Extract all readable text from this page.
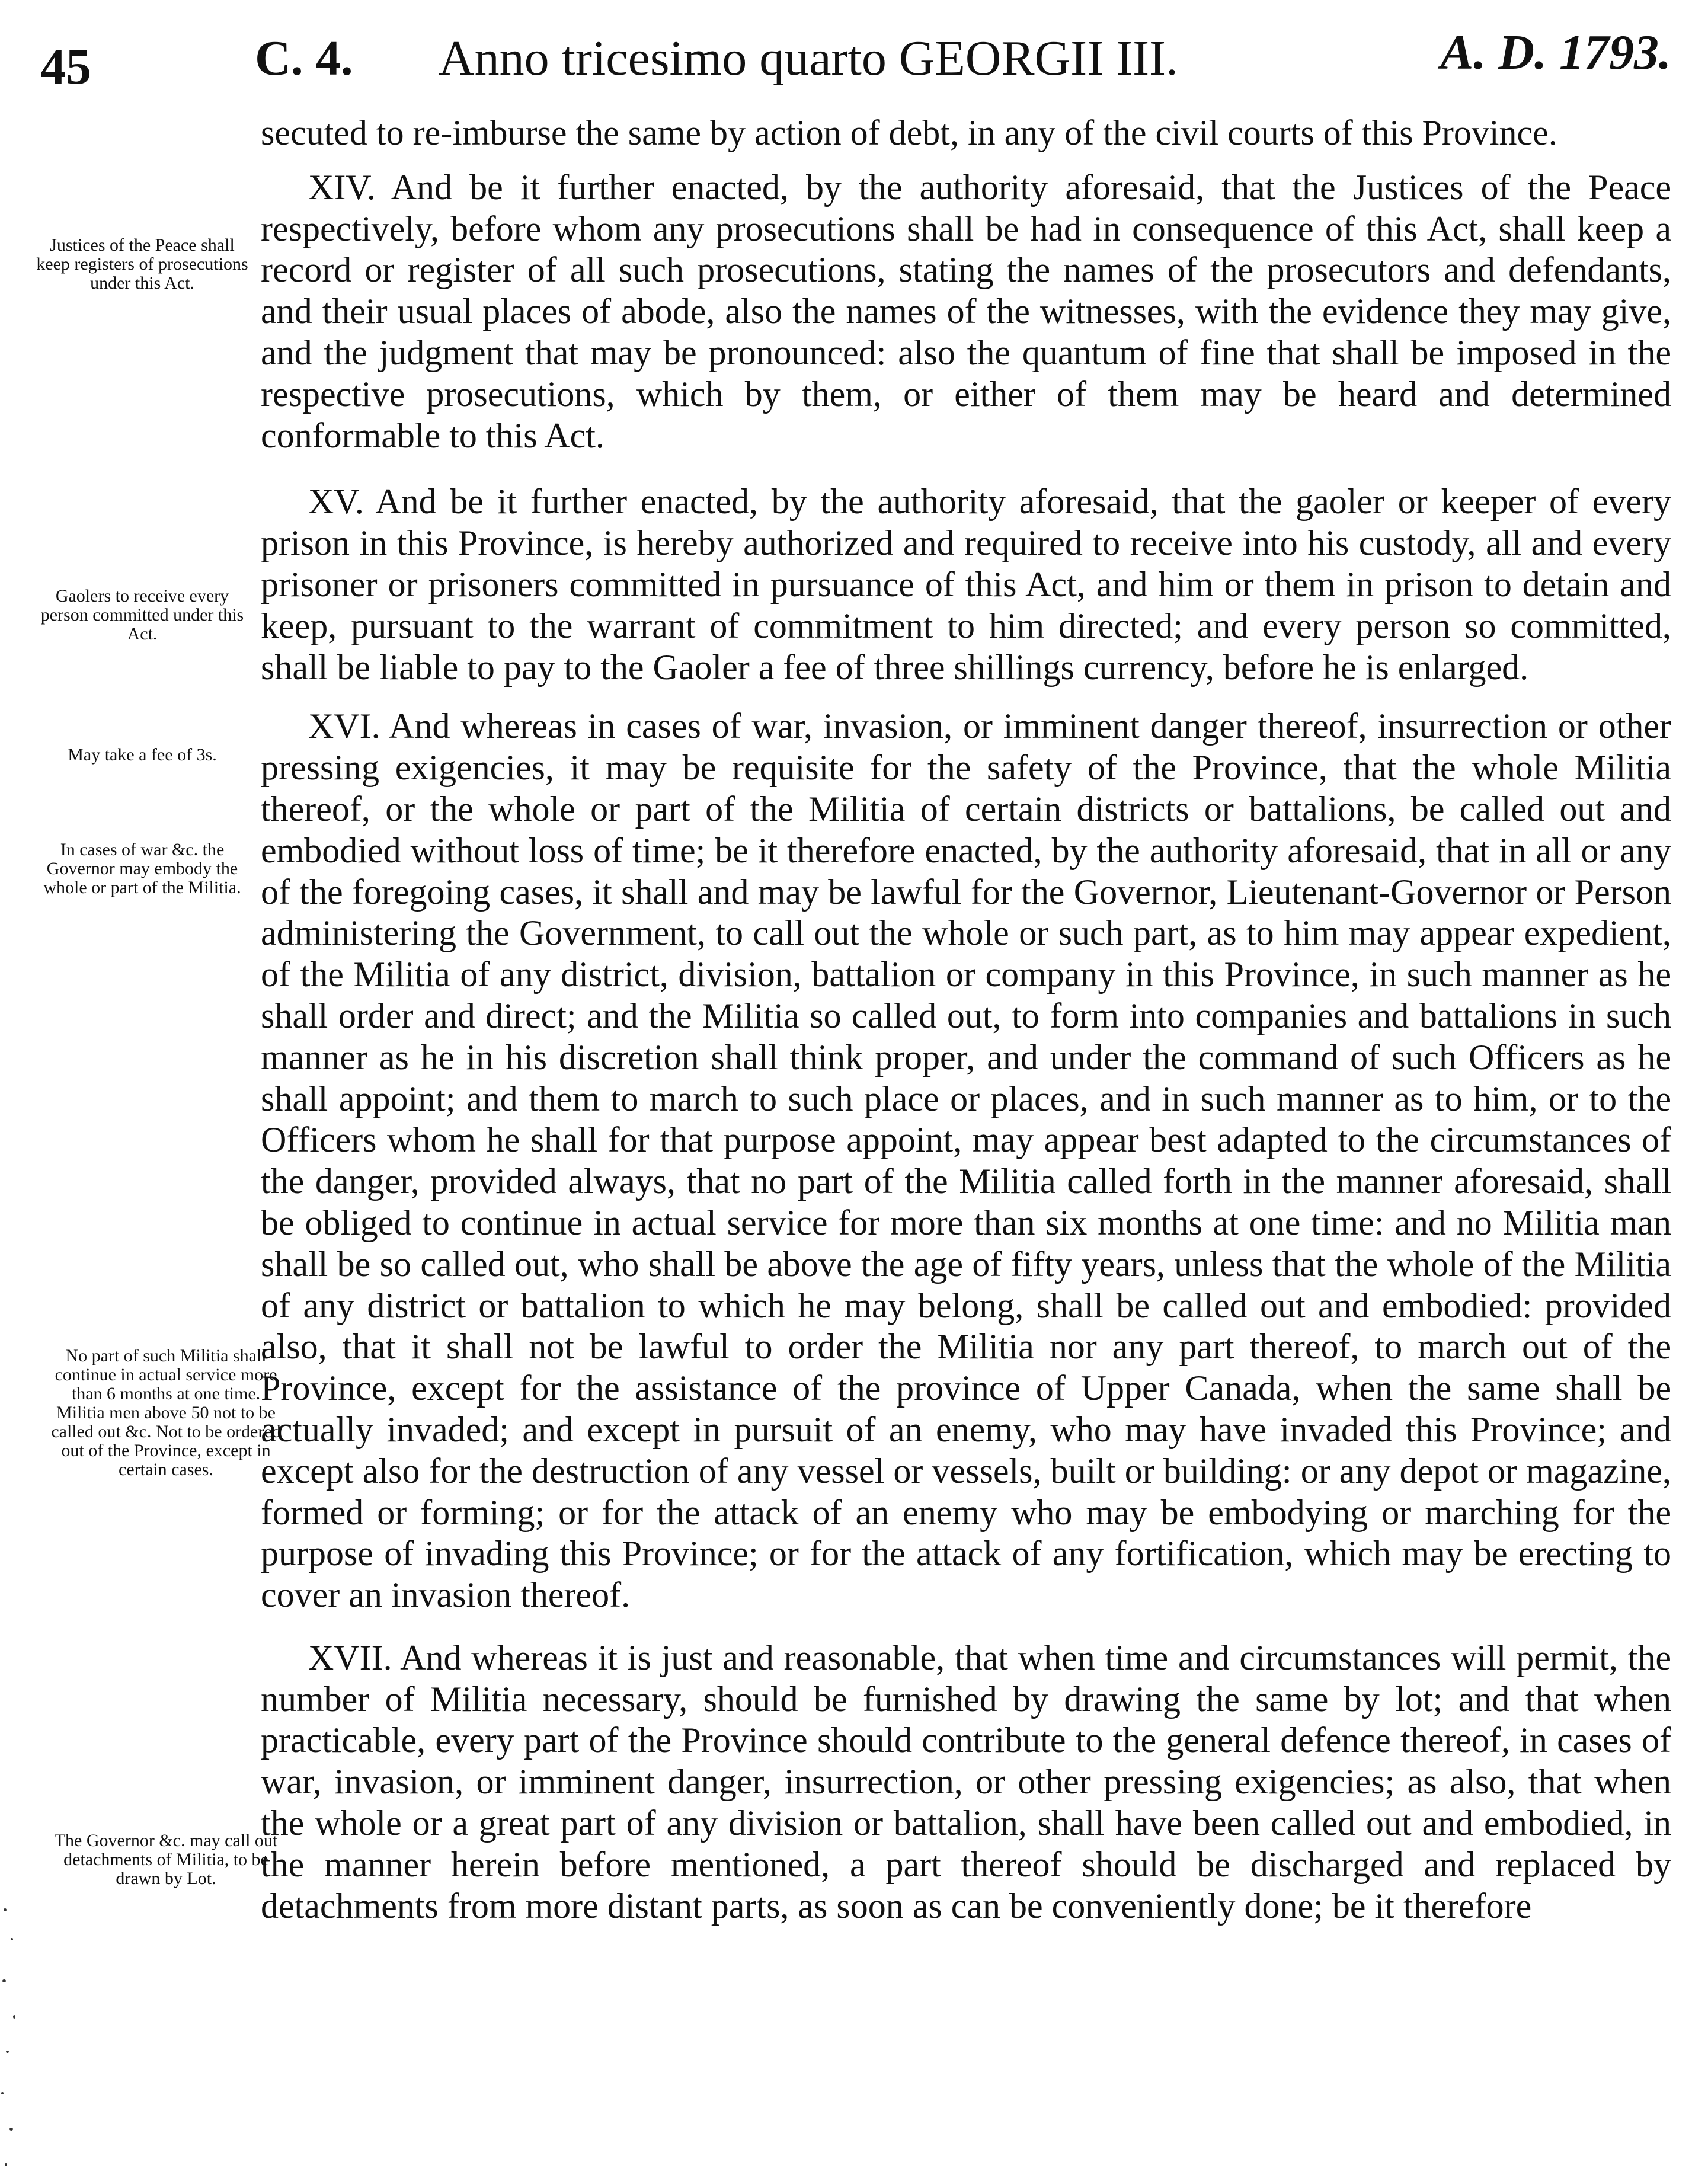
45	C. 4. Anno tricesimo quarto GEORGII III.	A. D. 1793.

secuted to re-imburse the same by action of debt, in any of the civil courts of this Province.

XIV. And be it further enacted, by the authority aforesaid, that the Justices of the Peace respectively, before whom any prosecutions shall be had in consequence of this Act, shall keep a record or register of all such prosecutions, stating the names of the prosecutors and defendants, and their usual places of abode, also the names of the witnesses, with the evidence they may give, and the judgment that may be pronounced: also the quantum of fine that shall be imposed in the respective prosecutions, which by them, or either of them may be heard and determined conformable to this Act.

XV. And be it further enacted, by the authority aforesaid, that the gaoler or keeper of every prison in this Province, is hereby authorized and required to receive into his custody, all and every prisoner or prisoners committed in pursuance of this Act, and him or them in prison to detain and keep, pursuant to the warrant of commitment to him directed; and every person so committed, shall be liable to pay to the Gaoler a fee of three shillings currency, before he is enlarged.

XVI. And whereas in cases of war, invasion, or imminent danger thereof, insurrection or other pressing exigencies, it may be requisite for the safety of the Province, that the whole Militia thereof, or the whole or part of the Militia of certain districts or battalions, be called out and embodied without loss of time; be it therefore enacted, by the authority aforesaid, that in all or any of the foregoing cases, it shall and may be lawful for the Governor, Lieutenant-Governor or Person administering the Government, to call out the whole or such part, as to him may appear expedient, of the Militia of any district, division, battalion or company in this Province, in such manner as he shall order and direct; and the Militia so called out, to form into companies and battalions in such manner as he in his discretion shall think proper, and under the command of such Officers as he shall appoint; and them to march to such place or places, and in such manner as to him, or to the Officers whom he shall for that purpose appoint, may appear best adapted to the circumstances of the danger, provided always, that no part of the Militia called forth in the manner aforesaid, shall be obliged to continue in actual service for more than six months at one time: and no Militia man shall be so called out, who shall be above the age of fifty years, unless that the whole of the Militia of any district or battalion to which he may belong, shall be called out and embodied: provided also, that it shall not be lawful to order the Militia nor any part thereof, to march out of the Province, except for the assistance of the province of Upper Canada, when the same shall be actually invaded; and except in pursuit of an enemy, who may have invaded this Province; and except also for the destruction of any vessel or vessels, built or building: or any depot or magazine, formed or forming; or for the attack of an enemy who may be embodying or marching for the purpose of invading this Province; or for the attack of any fortification, which may be erecting to cover an invasion thereof.

XVII. And whereas it is just and reasonable, that when time and circumstances will permit, the number of Militia necessary, should be furnished by drawing the same by lot; and that when practicable, every part of the Province should contribute to the general defence thereof, in cases of war, invasion, or imminent danger, insurrection, or other pressing exigencies; as also, that when the whole or a great part of any division or battalion, shall have been called out and embodied, in the manner herein before mentioned, a part thereof should be discharged and replaced by detachments from more distant parts, as soon as can be conveniently done; be it therefore

Justices of the Peace shall keep registers of prosecutions under this Act.
Gaolers to receive every person committed under this Act.
May take a fee of 3s.
In cases of war &c. the Governor may embody the whole or part of the Militia.
No part of such Militia shall continue in actual service more than 6 months at one time. Militia men above 50 not to be called out &c. Not to be ordered out of the Province, except in certain cases.
The Governor &c. may call out detachments of Militia, to be drawn by Lot.
